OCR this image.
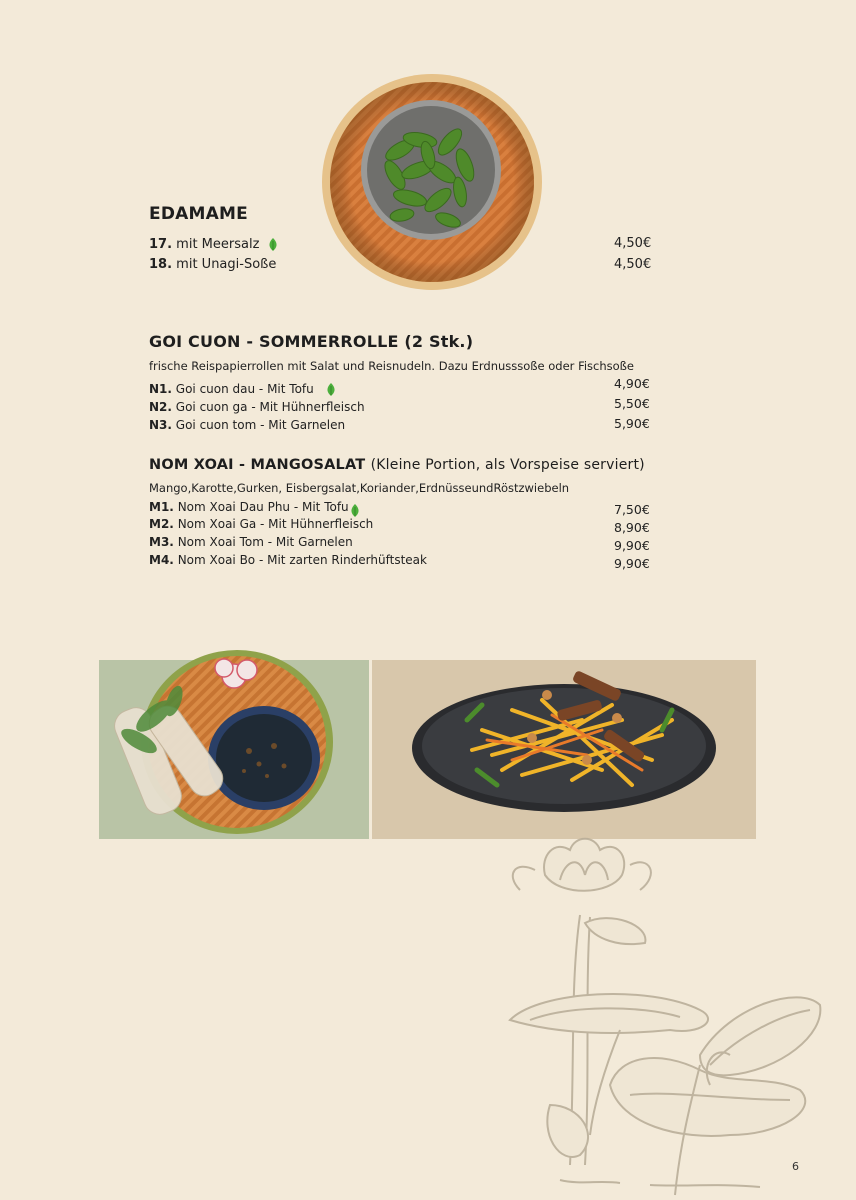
EDAMAME
17. mit Meersalz	4,50€
18. mit Unagi-Soße	4,50€
GOI CUON - SOMMERROLLE (2 Stk.)
frische Reispapierrollen mit Salat und Reisnudeln. Dazu Erdnusssoße oder Fischsoße
N1. Goi cuon dau - Mit Tofu	4,90€
N2. Goi cuon ga - Mit Hühnerfleisch	5,50€
N3. Goi cuon tom - Mit Garnelen	5,90€
NOM XOAI - MANGOSALAT (Kleine Portion, als Vorspeise serviert)
Mango,Karotte,Gurken, Eisbergsalat,Koriander,ErdnüsseundRöstzwiebeln
M1. Nom Xoai Dau Phu - Mit Tofu	7,50€
M2. Nom Xoai Ga - Mit Hühnerfleisch	8,90€
M3. Nom Xoai Tom - Mit Garnelen	9,90€
M4. Nom Xoai Bo - Mit zarten Rinderhüftsteak	9,90€
6
